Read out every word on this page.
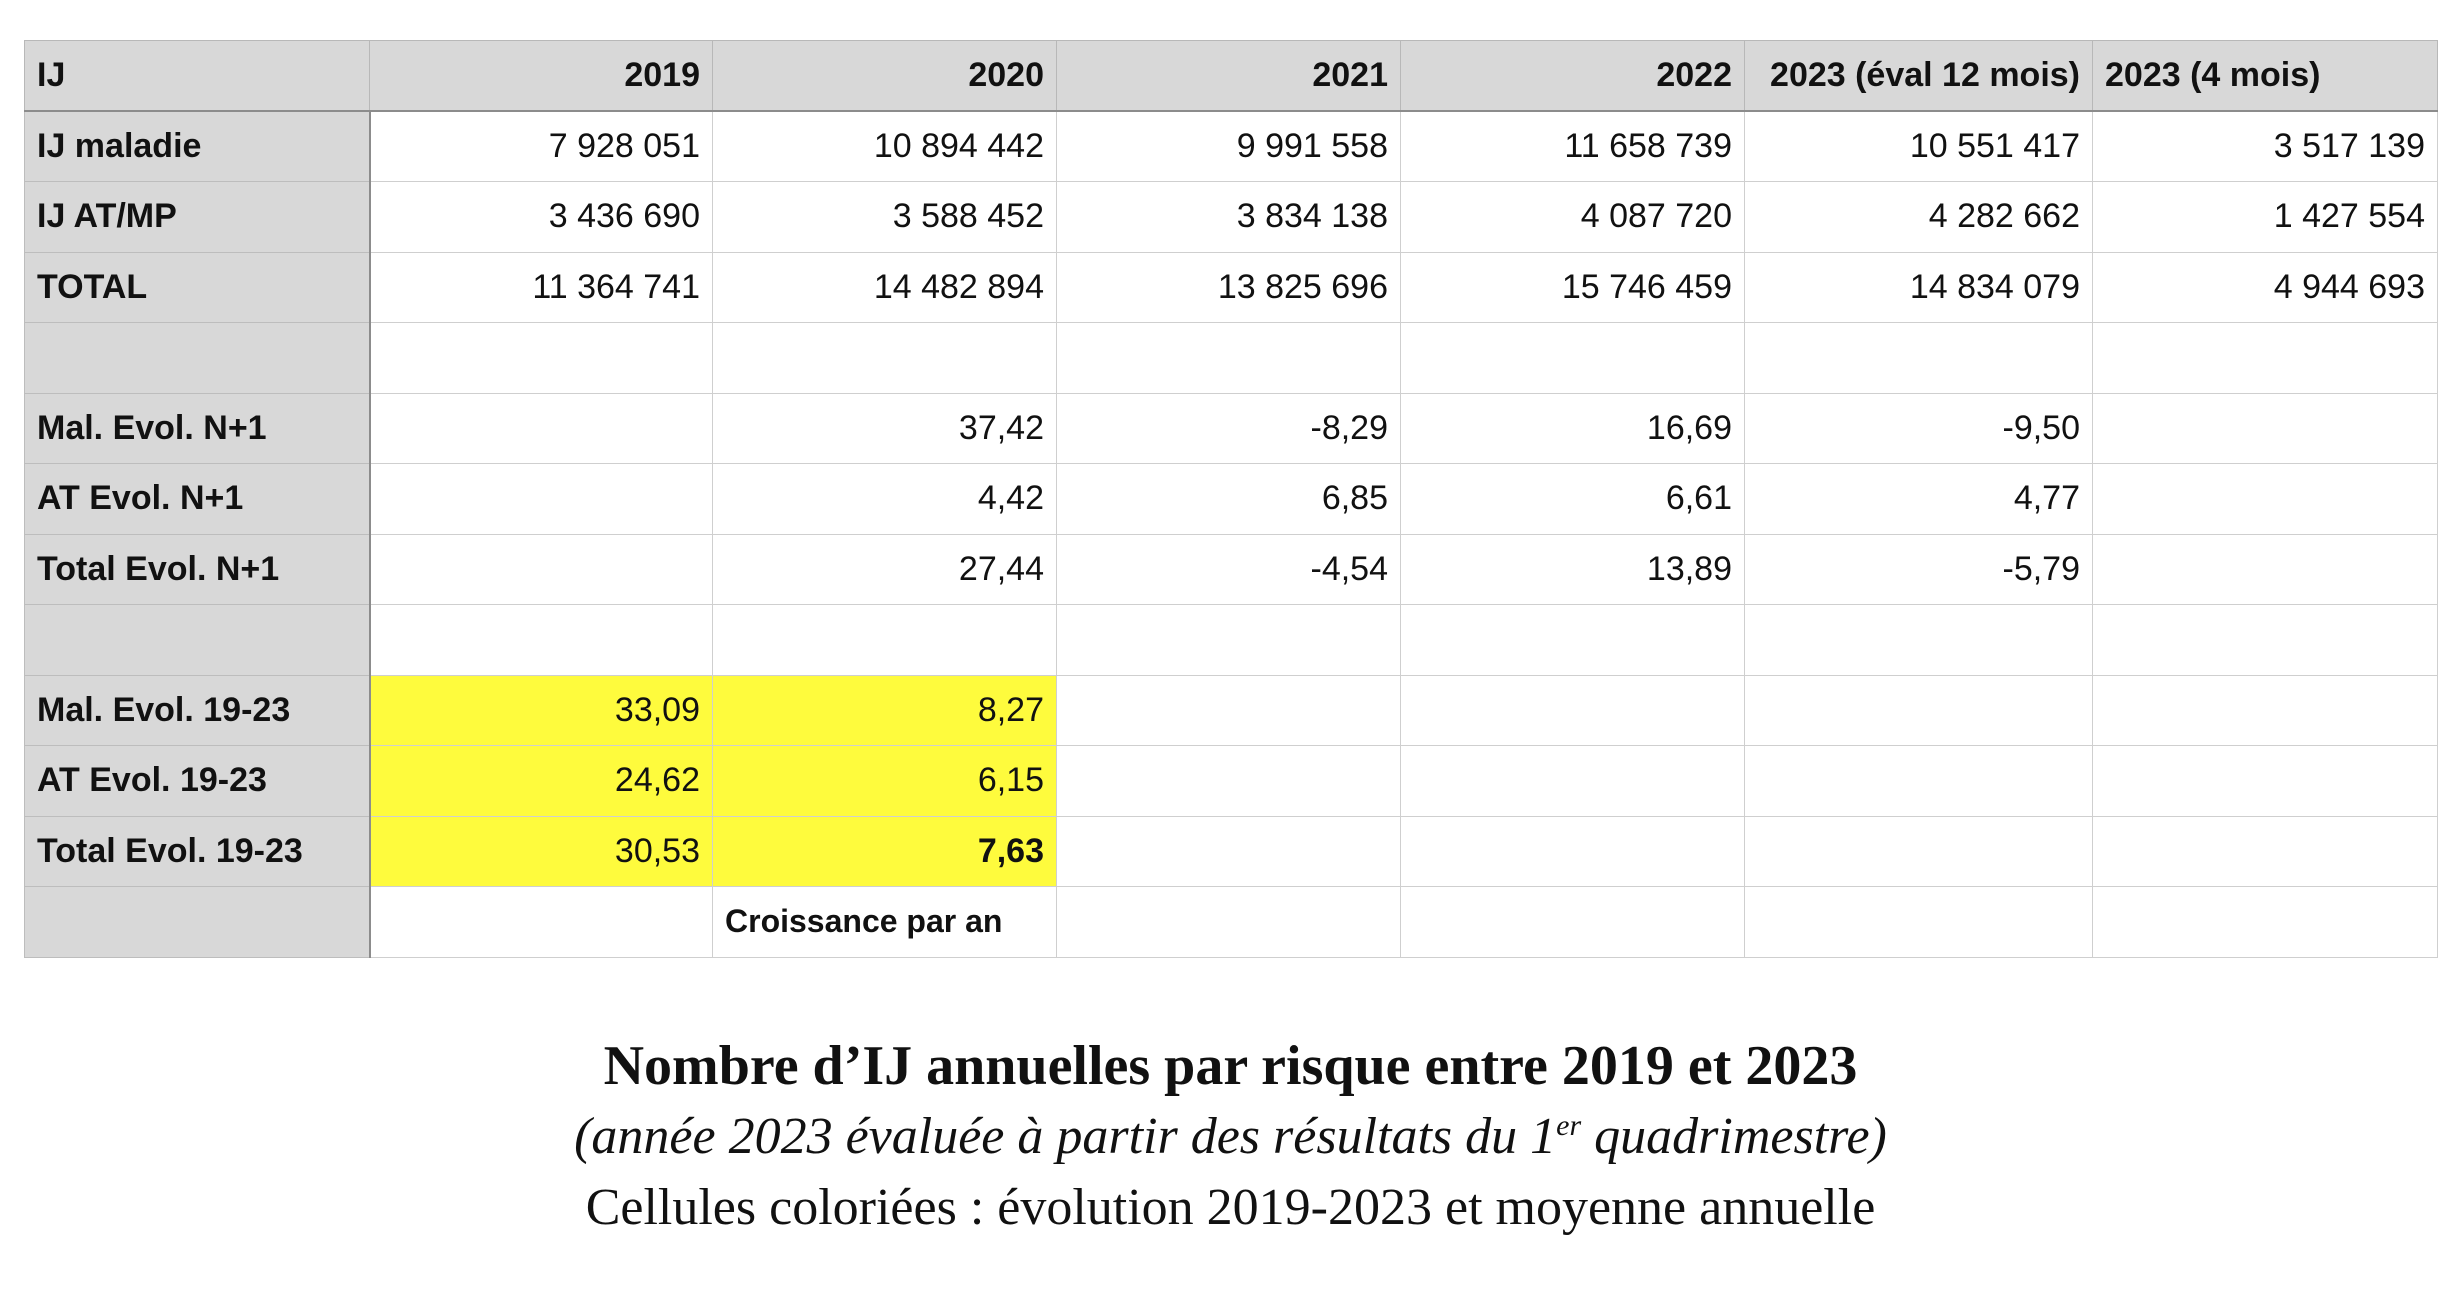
IJ	2019	2020	2021	2022	2023 (éval 12 mois)	2023 (4 mois)
IJ maladie	7 928 051	10 894 442	9 991 558	11 658 739	10 551 417	3 517 139
IJ AT/MP	3 436 690	3 588 452	3 834 138	4 087 720	4 282 662	1 427 554
TOTAL	11 364 741	14 482 894	13 825 696	15 746 459	14 834 079	4 944 693

Mal. Evol. N+1		37,42	-8,29	16,69	-9,50	
AT Evol. N+1		4,42	6,85	6,61	4,77	
Total Evol. N+1		27,44	-4,54	13,89	-5,79	

Mal. Evol. 19-23	33,09	8,27				
AT Evol. 19-23	24,62	6,15				
Total Evol. 19-23	30,53	7,63				
		Croissance par an				
Nombre d’IJ annuelles par risque entre 2019 et 2023
(année 2023 évaluée à partir des résultats du 1er quadrimestre)
Cellules coloriées : évolution 2019-2023 et moyenne annuelle
